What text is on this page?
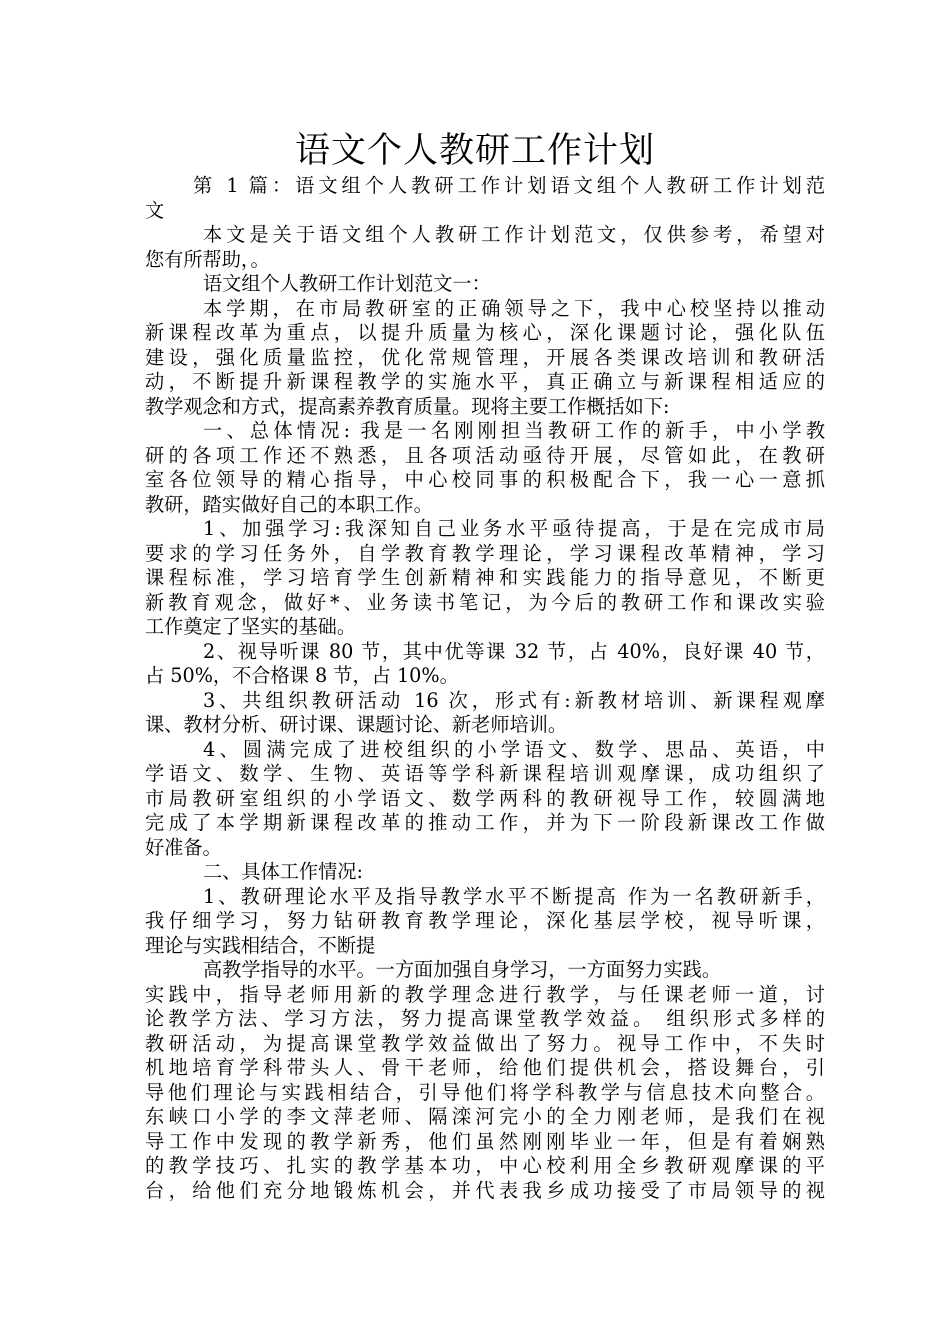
语文个人教研工作计划
第 1 篇：语文组个人教研工作计划语文组个人教研工作计划范
文
本文是关于语文组个人教研工作计划范文，仅供参考，希望对
您有所帮助，。
语文组个人教研工作计划范文一：
本学期，在市局教研室的正确领导之下，我中心校坚持以推动
新课程改革为重点，以提升质量为核心，深化课题讨论，强化队伍
建设，强化质量监控，优化常规管理，开展各类课改培训和教研活
动，不断提升新课程教学的实施水平，真正确立与新课程相适应的
教学观念和方式，提高素养教育质量。现将主要工作概括如下:
一、总体情况: 我是一名刚刚担当教研工作的新手，中小学教
研的各项工作还不熟悉，且各项活动亟待开展，尽管如此，在教研
室各位领导的精心指导，中心校同事的积极配合下，我一心一意抓
教研，踏实做好自己的本职工作。
1、加强学习:我深知自己业务水平亟待提高，于是在完成市局
要求的学习任务外，自学教育教学理论，学习课程改革精神，学习
课程标准，学习培育学生创新精神和实践能力的指导意见，不断更
新教育观念，做好*、业务读书笔记，为今后的教研工作和课改实验
工作奠定了坚实的基础。
2、视导听课 80 节，其中优等课 32 节，占 40%，良好课 40 节，
占 50%，不合格课 8 节，占 10%。
3、共组织教研活动 16 次，形式有:新教材培训、新课程观摩
课、教材分析、研讨课、课题讨论、新老师培训。
4、圆满完成了进校组织的小学语文、数学、思品、英语，中
学语文、数学、生物、英语等学科新课程培训观摩课，成功组织了
市局教研室组织的小学语文、数学两科的教研视导工作，较圆满地
完成了本学期新课程改革的推动工作，并为下一阶段新课改工作做
好准备。
二、具体工作情况:
1、教研理论水平及指导教学水平不断提高 作为一名教研新手，
我仔细学习，努力钻研教育教学理论，深化基层学校，视导听课，
理论与实践相结合，不断提
高教学指导的水平。一方面加强自身学习，一方面努力实践。
实践中，指导老师用新的教学理念进行教学，与任课老师一道，讨
论教学方法、学习方法，努力提高课堂教学效益。 组织形式多样的
教研活动，为提高课堂教学效益做出了努力。视导工作中，不失时
机地培育学科带头人、骨干老师，给他们提供机会，搭设舞台，引
导他们理论与实践相结合，引导他们将学科教学与信息技术向整合。
东峡口小学的李文萍老师、隔滦河完小的全力刚老师，是我们在视
导工作中发现的教学新秀，他们虽然刚刚毕业一年，但是有着娴熟
的教学技巧、扎实的教学基本功，中心校利用全乡教研观摩课的平
台，给他们充分地锻炼机会，并代表我乡成功接受了市局领导的视
